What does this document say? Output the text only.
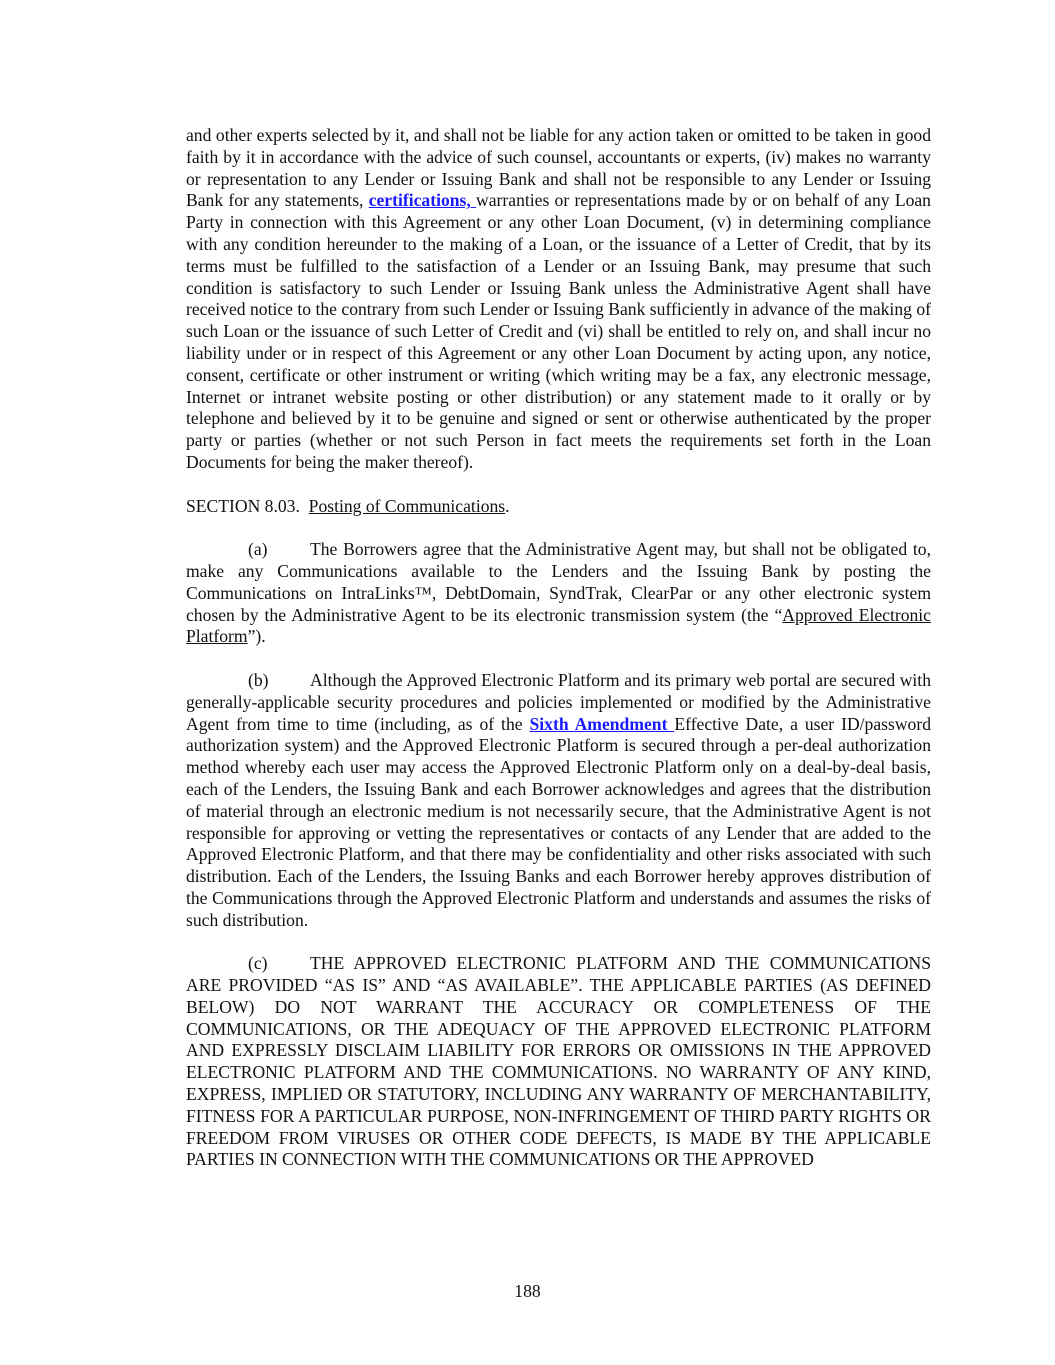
and other experts selected by it, and shall not be liable for any action taken or omitted to be taken in good faith by it in accordance with the advice of such counsel, accountants or experts, (iv) makes no warranty or representation to any Lender or Issuing Bank and shall not be responsible to any Lender or Issuing Bank for any statements, certifications, warranties or representations made by or on behalf of any Loan Party in connection with this Agreement or any other Loan Document, (v) in determining compliance with any condition hereunder to the making of a Loan, or the issuance of a Letter of Credit, that by its terms must be fulfilled to the satisfaction of a Lender or an Issuing Bank, may presume that such condition is satisfactory to such Lender or Issuing Bank unless the Administrative Agent shall have received notice to the contrary from such Lender or Issuing Bank sufficiently in advance of the making of such Loan or the issuance of such Letter of Credit and (vi) shall be entitled to rely on, and shall incur no liability under or in respect of this Agreement or any other Loan Document by acting upon, any notice, consent, certificate or other instrument or writing (which writing may be a fax, any electronic message, Internet or intranet website posting or other distribution) or any statement made to it orally or by telephone and believed by it to be genuine and signed or sent or otherwise authenticated by the proper party or parties (whether or not such Person in fact meets the requirements set forth in the Loan Documents for being the maker thereof).

SECTION 8.03. Posting of Communications.

(a) The Borrowers agree that the Administrative Agent may, but shall not be obligated to, make any Communications available to the Lenders and the Issuing Bank by posting the Communications on IntraLinks™, DebtDomain, SyndTrak, ClearPar or any other electronic system chosen by the Administrative Agent to be its electronic transmission system (the “Approved Electronic Platform”).

(b) Although the Approved Electronic Platform and its primary web portal are secured with generally-applicable security procedures and policies implemented or modified by the Administrative Agent from time to time (including, as of the Sixth Amendment Effective Date, a user ID/password authorization system) and the Approved Electronic Platform is secured through a per-deal authorization method whereby each user may access the Approved Electronic Platform only on a deal-by-deal basis, each of the Lenders, the Issuing Bank and each Borrower acknowledges and agrees that the distribution of material through an electronic medium is not necessarily secure, that the Administrative Agent is not responsible for approving or vetting the representatives or contacts of any Lender that are added to the Approved Electronic Platform, and that there may be confidentiality and other risks associated with such distribution. Each of the Lenders, the Issuing Banks and each Borrower hereby approves distribution of the Communications through the Approved Electronic Platform and understands and assumes the risks of such distribution.

(c) THE APPROVED ELECTRONIC PLATFORM AND THE COMMUNICATIONS ARE PROVIDED “AS IS” AND “AS AVAILABLE”. THE APPLICABLE PARTIES (AS DEFINED BELOW) DO NOT WARRANT THE ACCURACY OR COMPLETENESS OF THE COMMUNICATIONS, OR THE ADEQUACY OF THE APPROVED ELECTRONIC PLATFORM AND EXPRESSLY DISCLAIM LIABILITY FOR ERRORS OR OMISSIONS IN THE APPROVED ELECTRONIC PLATFORM AND THE COMMUNICATIONS. NO WARRANTY OF ANY KIND, EXPRESS, IMPLIED OR STATUTORY, INCLUDING ANY WARRANTY OF MERCHANTABILITY, FITNESS FOR A PARTICULAR PURPOSE, NON-INFRINGEMENT OF THIRD PARTY RIGHTS OR FREEDOM FROM VIRUSES OR OTHER CODE DEFECTS, IS MADE BY THE APPLICABLE PARTIES IN CONNECTION WITH THE COMMUNICATIONS OR THE APPROVED

188
